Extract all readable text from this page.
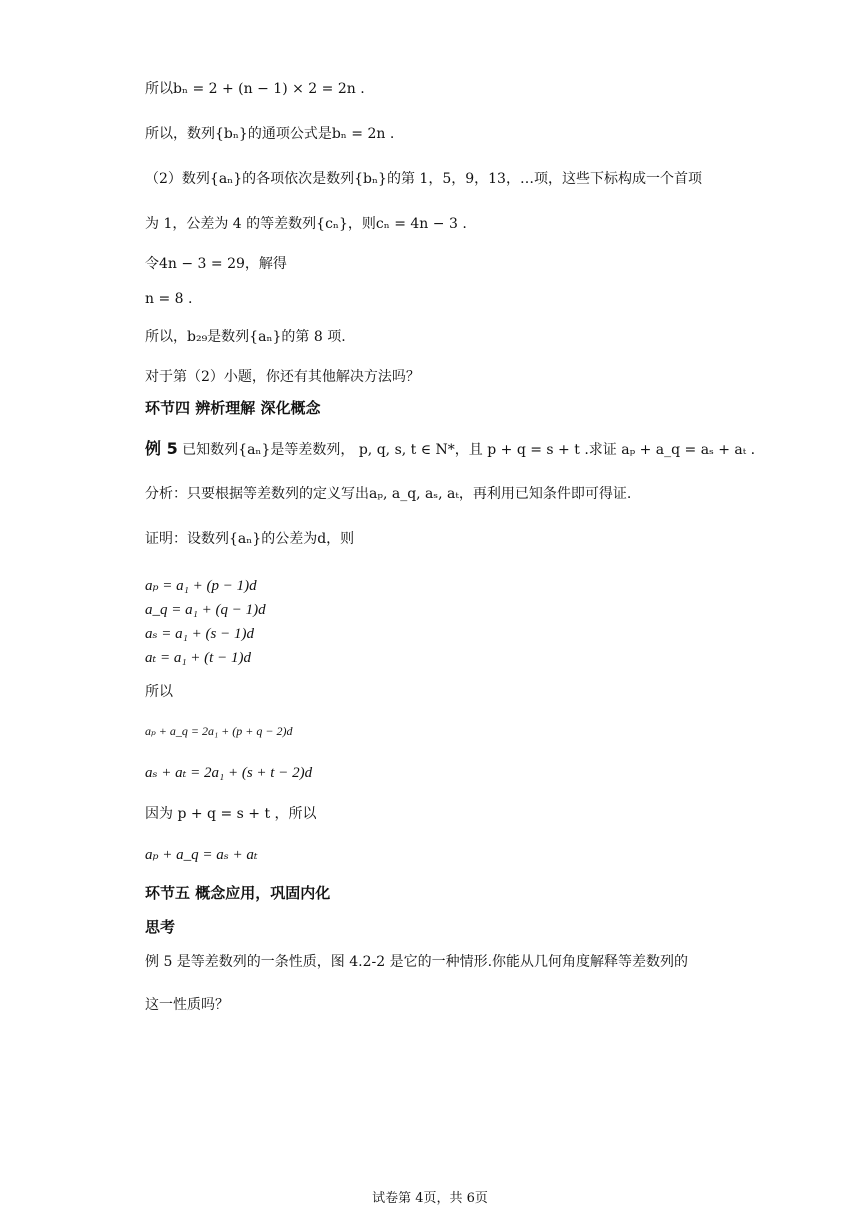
所以bₙ = 2 + (n − 1) × 2 = 2n .
所以，数列{bₙ}的通项公式是bₙ = 2n .
（2）数列{aₙ}的各项依次是数列{bₙ}的第 1，5，9，13，…项，这些下标构成一个首项
为 1，公差为 4 的等差数列{cₙ}，则cₙ = 4n − 3 .
令4n − 3 = 29，解得
n = 8 .
所以，b₂₉是数列{aₙ}的第 8 项.
对于第（2）小题，你还有其他解决方法吗？
环节四 辨析理解 深化概念
例 5 已知数列{aₙ}是等差数列， p, q, s, t ∈ N*，且 p + q = s + t .求证 aₚ + a_q = aₛ + aₜ .
分析：只要根据等差数列的定义写出aₚ, a_q, aₛ, aₜ，再利用已知条件即可得证.
证明：设数列{aₙ}的公差为d，则
aₚ = a₁ + (p − 1)d
a_q = a₁ + (q − 1)d
aₛ = a₁ + (s − 1)d
aₜ = a₁ + (t − 1)d
所以
aₚ + a_q = 2a₁ + (p + q − 2)d
aₛ + aₜ = 2a₁ + (s + t − 2)d
因为 p + q = s + t ，所以
aₚ + a_q = aₛ + aₜ
环节五 概念应用，巩固内化
思考
例 5 是等差数列的一条性质，图 4.2-2 是它的一种情形.你能从几何角度解释等差数列的
这一性质吗？
试卷第 4页，共 6页
